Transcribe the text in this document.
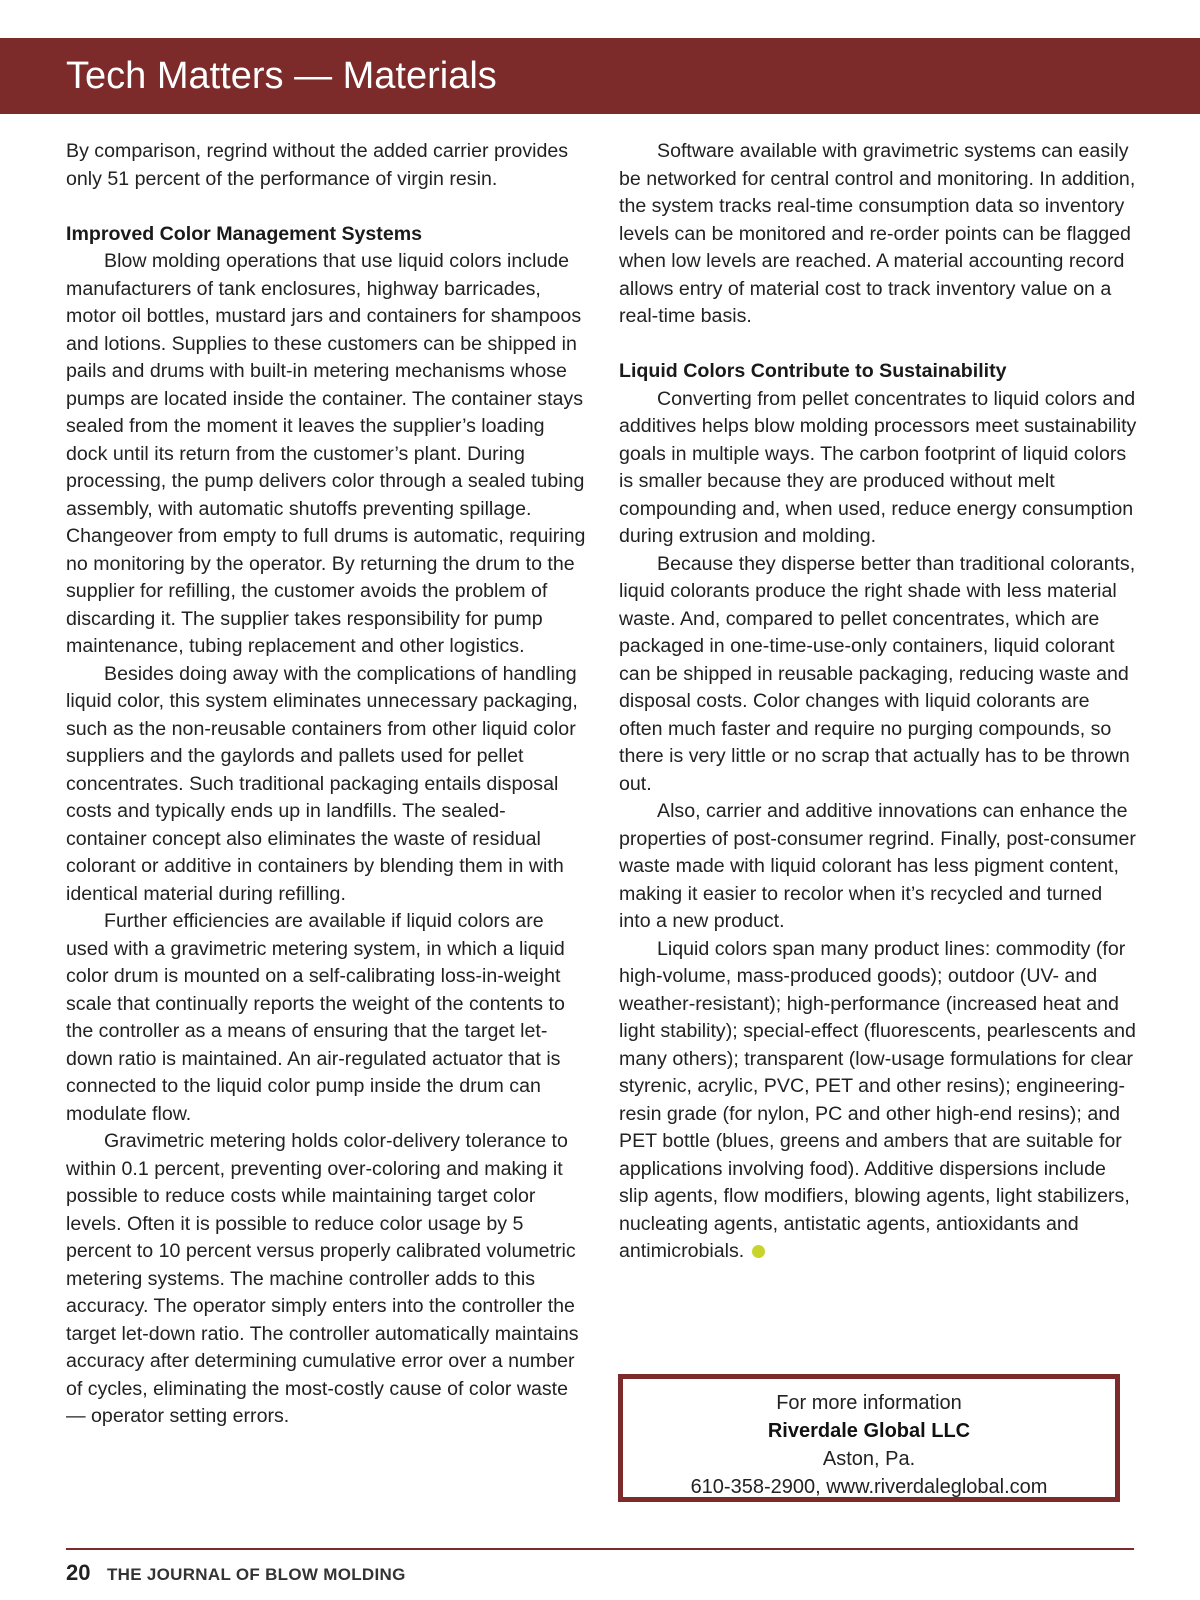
Tech Matters — Materials

By comparison, regrind without the added carrier provides only 51 percent of the performance of virgin resin.

Improved Color Management Systems

Blow molding operations that use liquid colors include manufacturers of tank enclosures, highway barricades, motor oil bottles, mustard jars and containers for shampoos and lotions. Supplies to these customers can be shipped in pails and drums with built-in metering mechanisms whose pumps are located inside the container. The container stays sealed from the moment it leaves the supplier’s loading dock until its return from the customer’s plant. During processing, the pump delivers color through a sealed tubing assembly, with automatic shutoffs preventing spillage. Changeover from empty to full drums is automatic, requiring no monitoring by the operator. By returning the drum to the supplier for refilling, the customer avoids the problem of discarding it. The supplier takes responsibility for pump maintenance, tubing replacement and other logistics.

Besides doing away with the complications of handling liquid color, this system eliminates unnecessary packaging, such as the non-reusable containers from other liquid color suppliers and the gaylords and pallets used for pellet concentrates. Such traditional packaging entails disposal costs and typically ends up in landfills. The sealed-container concept also eliminates the waste of residual colorant or additive in containers by blending them in with identical material during refilling.

Further efficiencies are available if liquid colors are used with a gravimetric metering system, in which a liquid color drum is mounted on a self-calibrating loss-in-weight scale that continually reports the weight of the contents to the controller as a means of ensuring that the target let-down ratio is maintained. An air-regulated actuator that is connected to the liquid color pump inside the drum can modulate flow.

Gravimetric metering holds color-delivery tolerance to within 0.1 percent, preventing over-coloring and making it possible to reduce costs while maintaining target color levels. Often it is possible to reduce color usage by 5 percent to 10 percent versus properly calibrated volumetric metering systems. The machine controller adds to this accuracy. The operator simply enters into the controller the target let-down ratio. The controller automatically maintains accuracy after determining cumulative error over a number of cycles, eliminating the most-costly cause of color waste — operator setting errors.

Software available with gravimetric systems can easily be networked for central control and monitoring. In addition, the system tracks real-time consumption data so inventory levels can be monitored and re-order points can be flagged when low levels are reached. A material accounting record allows entry of material cost to track inventory value on a real-time basis.

Liquid Colors Contribute to Sustainability

Converting from pellet concentrates to liquid colors and additives helps blow molding processors meet sustainability goals in multiple ways. The carbon footprint of liquid colors is smaller because they are produced without melt compounding and, when used, reduce energy consumption during extrusion and molding.

Because they disperse better than traditional colorants, liquid colorants produce the right shade with less material waste. And, compared to pellet concentrates, which are packaged in one-time-use-only containers, liquid colorant can be shipped in reusable packaging, reducing waste and disposal costs. Color changes with liquid colorants are often much faster and require no purging compounds, so there is very little or no scrap that actually has to be thrown out.

Also, carrier and additive innovations can enhance the properties of post-consumer regrind. Finally, post-consumer waste made with liquid colorant has less pigment content, making it easier to recolor when it’s recycled and turned into a new product.

Liquid colors span many product lines: commodity (for high-volume, mass-produced goods); outdoor (UV- and weather-resistant); high-performance (increased heat and light stability); special-effect (fluorescents, pearlescents and many others); transparent (low-usage formulations for clear styrenic, acrylic, PVC, PET and other resins); engineering-resin grade (for nylon, PC and other high-end resins); and PET bottle (blues, greens and ambers that are suitable for applications involving food). Additive dispersions include slip agents, flow modifiers, blowing agents, light stabilizers, nucleating agents, antistatic agents, antioxidants and antimicrobials.

For more information
Riverdale Global LLC
Aston, Pa.
610-358-2900, www.riverdaleglobal.com
20 THE JOURNAL OF BLOW MOLDING
